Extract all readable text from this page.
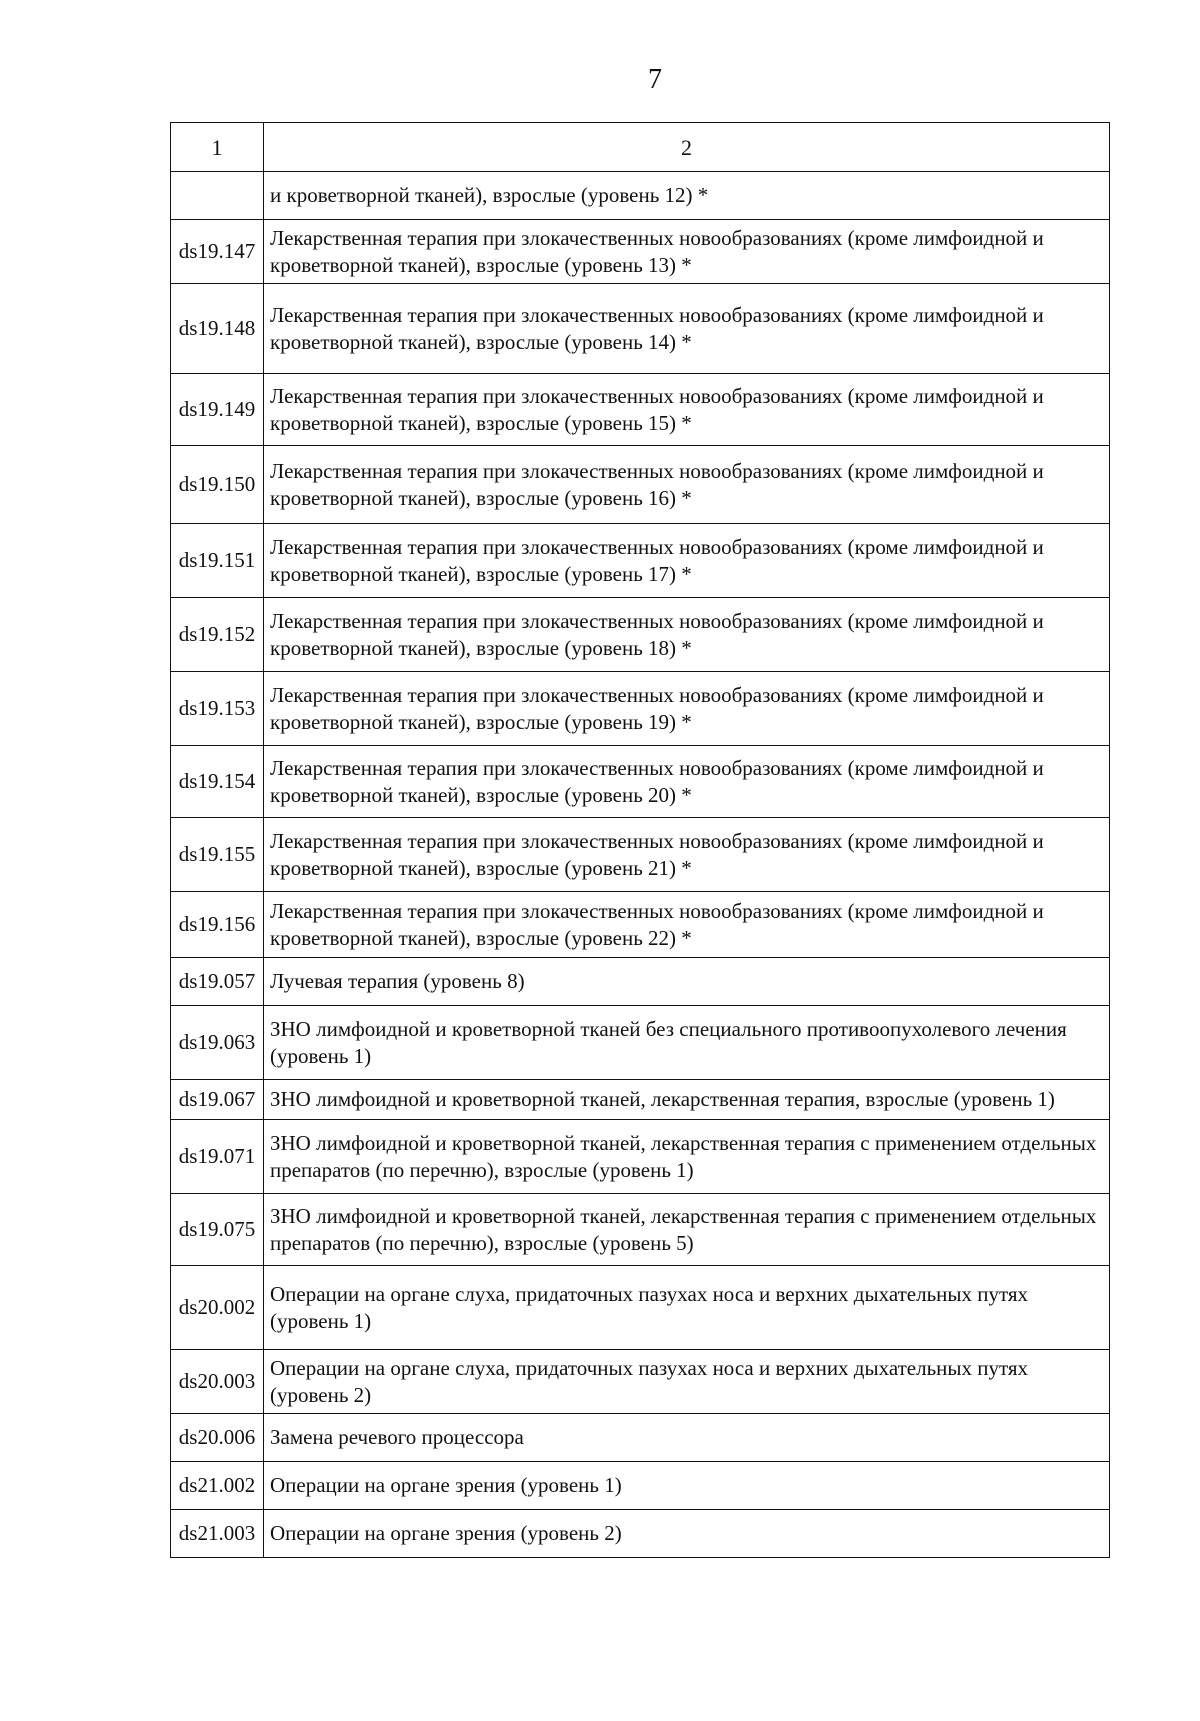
7
1	2
	и кроветворной тканей), взрослые (уровень 12) *
ds19.147	Лекарственная терапия при злокачественных новообразованиях (кроме лимфоидной и кроветворной тканей), взрослые (уровень 13) *
ds19.148	Лекарственная терапия при злокачественных новообразованиях (кроме лимфоидной и кроветворной тканей), взрослые (уровень 14) *
ds19.149	Лекарственная терапия при злокачественных новообразованиях (кроме лимфоидной и кроветворной тканей), взрослые (уровень 15) *
ds19.150	Лекарственная терапия при злокачественных новообразованиях (кроме лимфоидной и кроветворной тканей), взрослые (уровень 16) *
ds19.151	Лекарственная терапия при злокачественных новообразованиях (кроме лимфоидной и кроветворной тканей), взрослые (уровень 17) *
ds19.152	Лекарственная терапия при злокачественных новообразованиях (кроме лимфоидной и кроветворной тканей), взрослые (уровень 18) *
ds19.153	Лекарственная терапия при злокачественных новообразованиях (кроме лимфоидной и кроветворной тканей), взрослые (уровень 19) *
ds19.154	Лекарственная терапия при злокачественных новообразованиях (кроме лимфоидной и кроветворной тканей), взрослые (уровень 20) *
ds19.155	Лекарственная терапия при злокачественных новообразованиях (кроме лимфоидной и кроветворной тканей), взрослые (уровень 21) *
ds19.156	Лекарственная терапия при злокачественных новообразованиях (кроме лимфоидной и кроветворной тканей), взрослые (уровень 22) *
ds19.057	Лучевая терапия (уровень 8)
ds19.063	ЗНО лимфоидной и кроветворной тканей без специального противоопухолевого лечения (уровень 1)
ds19.067	ЗНО лимфоидной и кроветворной тканей, лекарственная терапия, взрослые (уровень 1)
ds19.071	ЗНО лимфоидной и кроветворной тканей, лекарственная терапия с применением отдельных препаратов (по перечню), взрослые (уровень 1)
ds19.075	ЗНО лимфоидной и кроветворной тканей, лекарственная терапия с применением отдельных препаратов (по перечню), взрослые (уровень 5)
ds20.002	Операции на органе слуха, придаточных пазухах носа и верхних дыхательных путях (уровень 1)
ds20.003	Операции на органе слуха, придаточных пазухах носа и верхних дыхательных путях (уровень 2)
ds20.006	Замена речевого процессора
ds21.002	Операции на органе зрения (уровень 1)
ds21.003	Операции на органе зрения (уровень 2)
